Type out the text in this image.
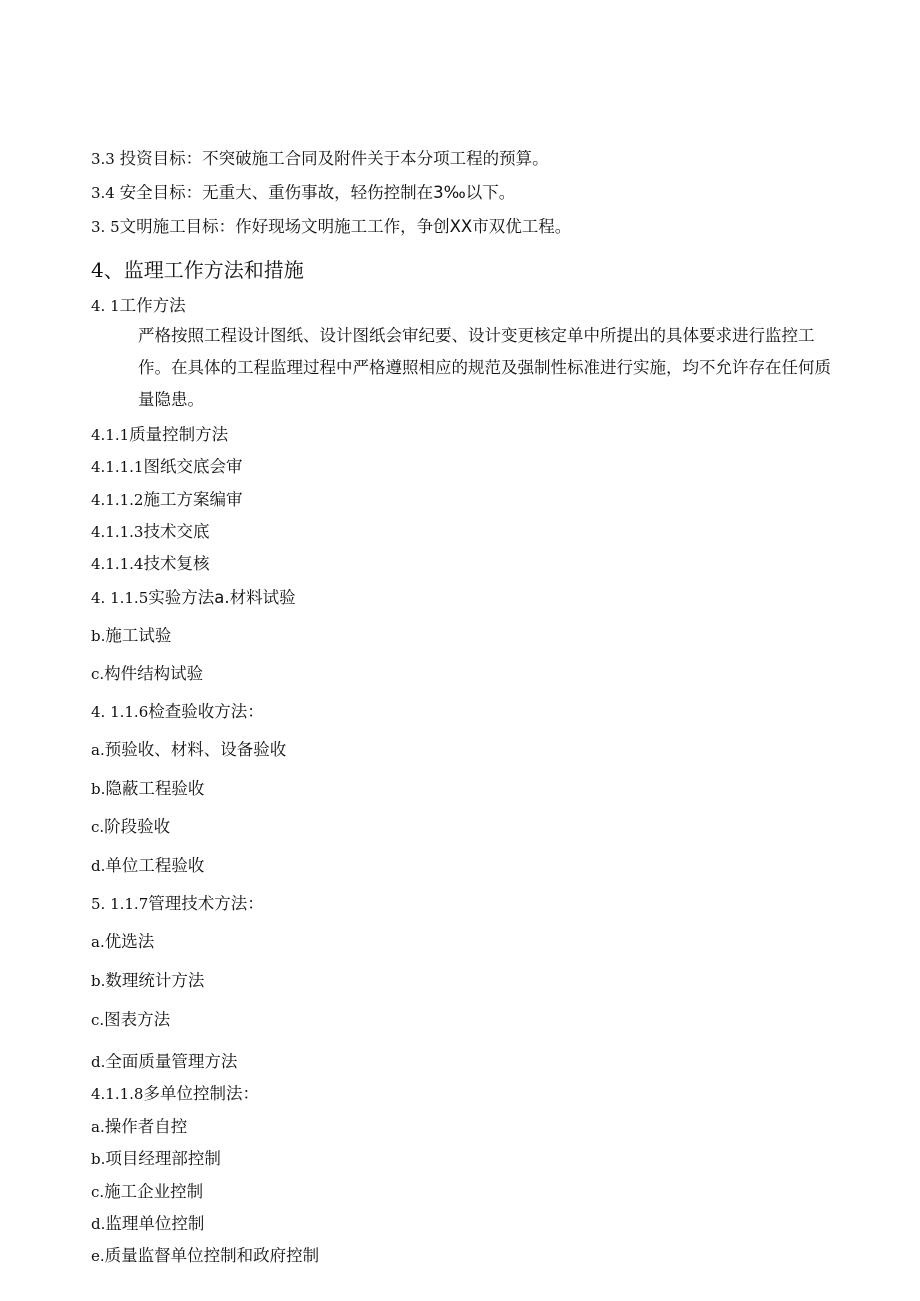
3.3 投资目标：不突破施工合同及附件关于本分项工程的预算。
3.4 安全目标：无重大、重伤事故，轻伤控制在3‰以下。
3. 5文明施工目标：作好现场文明施工工作，争创XX市双优工程。
4、监理工作方法和措施
4. 1工作方法
严格按照工程设计图纸、设计图纸会审纪要、设计变更核定单中所提出的具体要求进行监控工作。在具体的工程监理过程中严格遵照相应的规范及强制性标准进行实施，均不允许存在任何质量隐患。
4.1.1质量控制方法
4.1.1.1图纸交底会审
4.1.1.2施工方案编审
4.1.1.3技术交底
4.1.1.4技术复核
4. 1.1.5实验方法a.材料试验
b.施工试验
c.构件结构试验
4. 1.1.6检查验收方法：
a.预验收、材料、设备验收
b.隐蔽工程验收
c.阶段验收
d.单位工程验收
5. 1.1.7管理技术方法：
a.优选法
b.数理统计方法
c.图表方法
d.全面质量管理方法
4.1.1.8多单位控制法：
a.操作者自控
b.项目经理部控制
c.施工企业控制
d.监理单位控制
e.质量监督单位控制和政府控制
